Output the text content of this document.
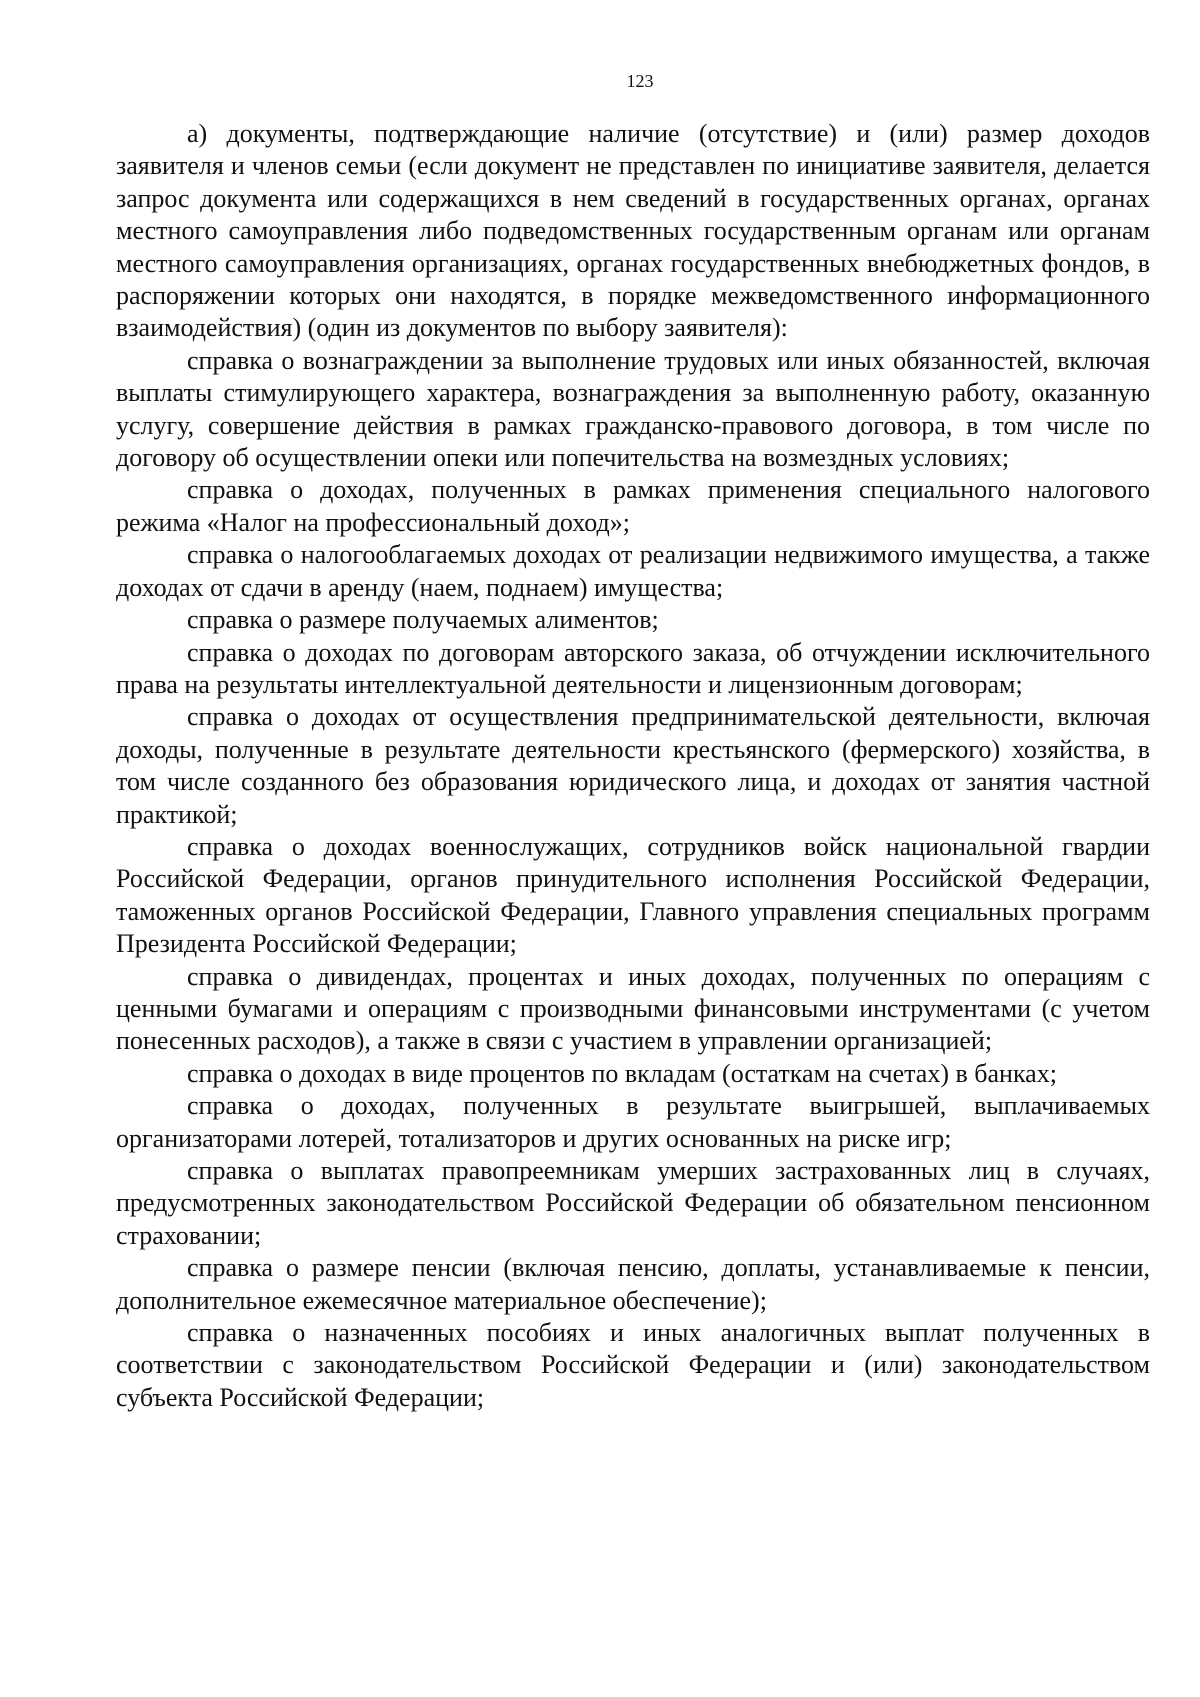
123

а) документы, подтверждающие наличие (отсутствие) и (или) размер доходов заявителя и членов семьи (если документ не представлен по инициативе заявителя, делается запрос документа или содержащихся в нем сведений в государственных органах, органах местного самоуправления либо подведомственных государственным органам или органам местного самоуправления организациях, органах государственных внебюджетных фондов, в распоряжении которых они находятся, в порядке межведомственного информационного взаимодействия) (один из документов по выбору заявителя):

справка о вознаграждении за выполнение трудовых или иных обязанностей, включая выплаты стимулирующего характера, вознаграждения за выполненную работу, оказанную услугу, совершение действия в рамках гражданско-правового договора, в том числе по договору об осуществлении опеки или попечительства на возмездных условиях;

справка о доходах, полученных в рамках применения специального налогового режима «Налог на профессиональный доход»;

справка о налогооблагаемых доходах от реализации недвижимого имущества, а также доходах от сдачи в аренду (наем, поднаем) имущества;

справка о размере получаемых алиментов;

справка о доходах по договорам авторского заказа, об отчуждении исключительного права на результаты интеллектуальной деятельности и лицензионным договорам;

справка о доходах от осуществления предпринимательской деятельности, включая доходы, полученные в результате деятельности крестьянского (фермерского) хозяйства, в том числе созданного без образования юридического лица, и доходах от занятия частной практикой;

справка о доходах военнослужащих, сотрудников войск национальной гвардии Российской Федерации, органов принудительного исполнения Российской Федерации, таможенных органов Российской Федерации, Главного управления специальных программ Президента Российской Федерации;

справка о дивидендах, процентах и иных доходах, полученных по операциям с ценными бумагами и операциям с производными финансовыми инструментами (с учетом понесенных расходов), а также в связи с участием в управлении организацией;

справка о доходах в виде процентов по вкладам (остаткам на счетах) в банках;

справка о доходах, полученных в результате выигрышей, выплачиваемых организаторами лотерей, тотализаторов и других основанных на риске игр;

справка о выплатах правопреемникам умерших застрахованных лиц в случаях, предусмотренных законодательством Российской Федерации об обязательном пенсионном страховании;

справка о размере пенсии (включая пенсию, доплаты, устанавливаемые к пенсии, дополнительное ежемесячное материальное обеспечение);

справка о назначенных пособиях и иных аналогичных выплат полученных в соответствии с законодательством Российской Федерации и (или) законодательством субъекта Российской Федерации;
